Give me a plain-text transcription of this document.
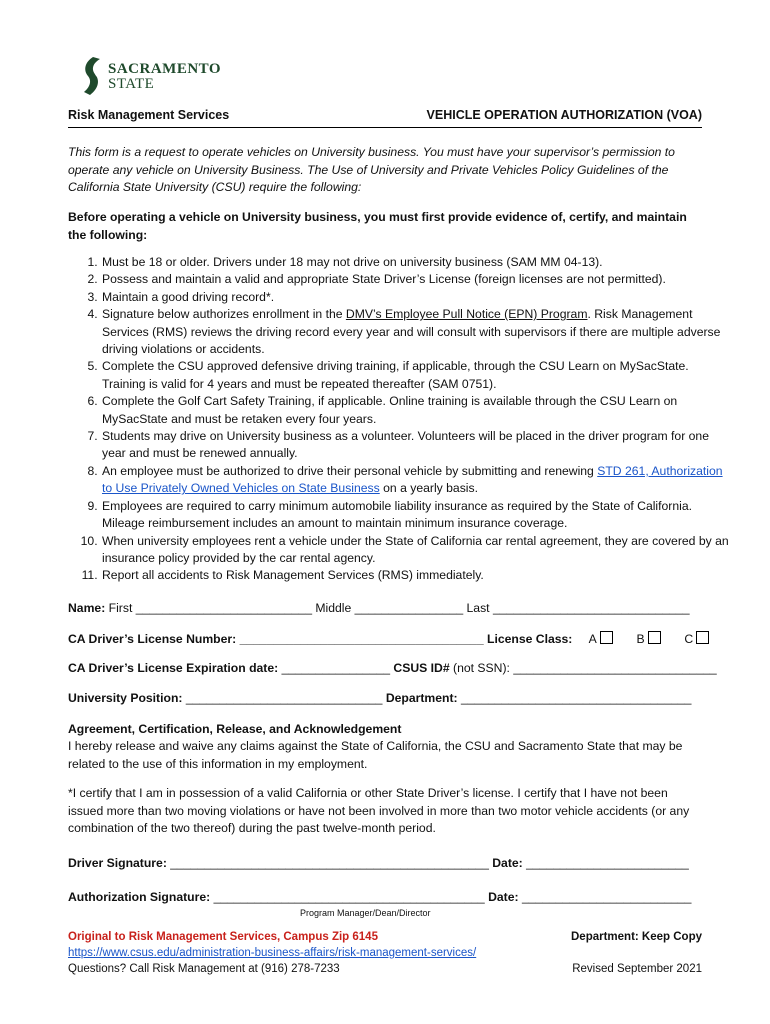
SACRAMENTO
STATE
Risk Management Services	VEHICLE OPERATION AUTHORIZATION (VOA)
This form is a request to operate vehicles on University business. You must have your supervisor’s permission to operate any vehicle on University Business. The Use of University and Private Vehicles Policy Guidelines of the California State University (CSU) require the following:
Before operating a vehicle on University business, you must first provide evidence of, certify, and maintain the following:
1. Must be 18 or older. Drivers under 18 may not drive on university business (SAM MM 04-13).
2. Possess and maintain a valid and appropriate State Driver’s License (foreign licenses are not permitted).
3. Maintain a good driving record*.
4. Signature below authorizes enrollment in the DMV’s Employee Pull Notice (EPN) Program. Risk Management Services (RMS) reviews the driving record every year and will consult with supervisors if there are multiple adverse driving violations or accidents.
5. Complete the CSU approved defensive driving training, if applicable, through the CSU Learn on MySacState. Training is valid for 4 years and must be repeated thereafter (SAM 0751).
6. Complete the Golf Cart Safety Training, if applicable. Online training is available through the CSU Learn on MySacState and must be retaken every four years.
7. Students may drive on University business as a volunteer. Volunteers will be placed in the driver program for one year and must be renewed annually.
8. An employee must be authorized to drive their personal vehicle by submitting and renewing STD 261, Authorization to Use Privately Owned Vehicles on State Business on a yearly basis.
9. Employees are required to carry minimum automobile liability insurance as required by the State of California. Mileage reimbursement includes an amount to maintain minimum insurance coverage.
10. When university employees rent a vehicle under the State of California car rental agreement, they are covered by an insurance policy provided by the car rental agency.
11. Report all accidents to Risk Management Services (RMS) immediately.
Name: First __________________________ Middle ________________ Last _____________________________
CA Driver’s License Number: ____________________________________ License Class: A	B	C
CA Driver’s License Expiration date: ________________ CSUS ID# (not SSN): ______________________________
University Position: _____________________________ Department: __________________________________
Agreement, Certification, Release, and Acknowledgement
I hereby release and waive any claims against the State of California, the CSU and Sacramento State that may be related to the use of this information in my employment.
*I certify that I am in possession of a valid California or other State Driver’s license. I certify that I have not been issued more than two moving violations or have not been involved in more than two motor vehicle accidents (or any combination of the two thereof) during the past twelve-month period.
Driver Signature: _______________________________________________ Date: ________________________
Authorization Signature: ________________________________________ Date: _________________________
Program Manager/Dean/Director
Original to Risk Management Services, Campus Zip 6145
https://www.csus.edu/administration-business-affairs/risk-management-services/
Questions? Call Risk Management at (916) 278-7233
Department: Keep Copy
Revised September 2021
